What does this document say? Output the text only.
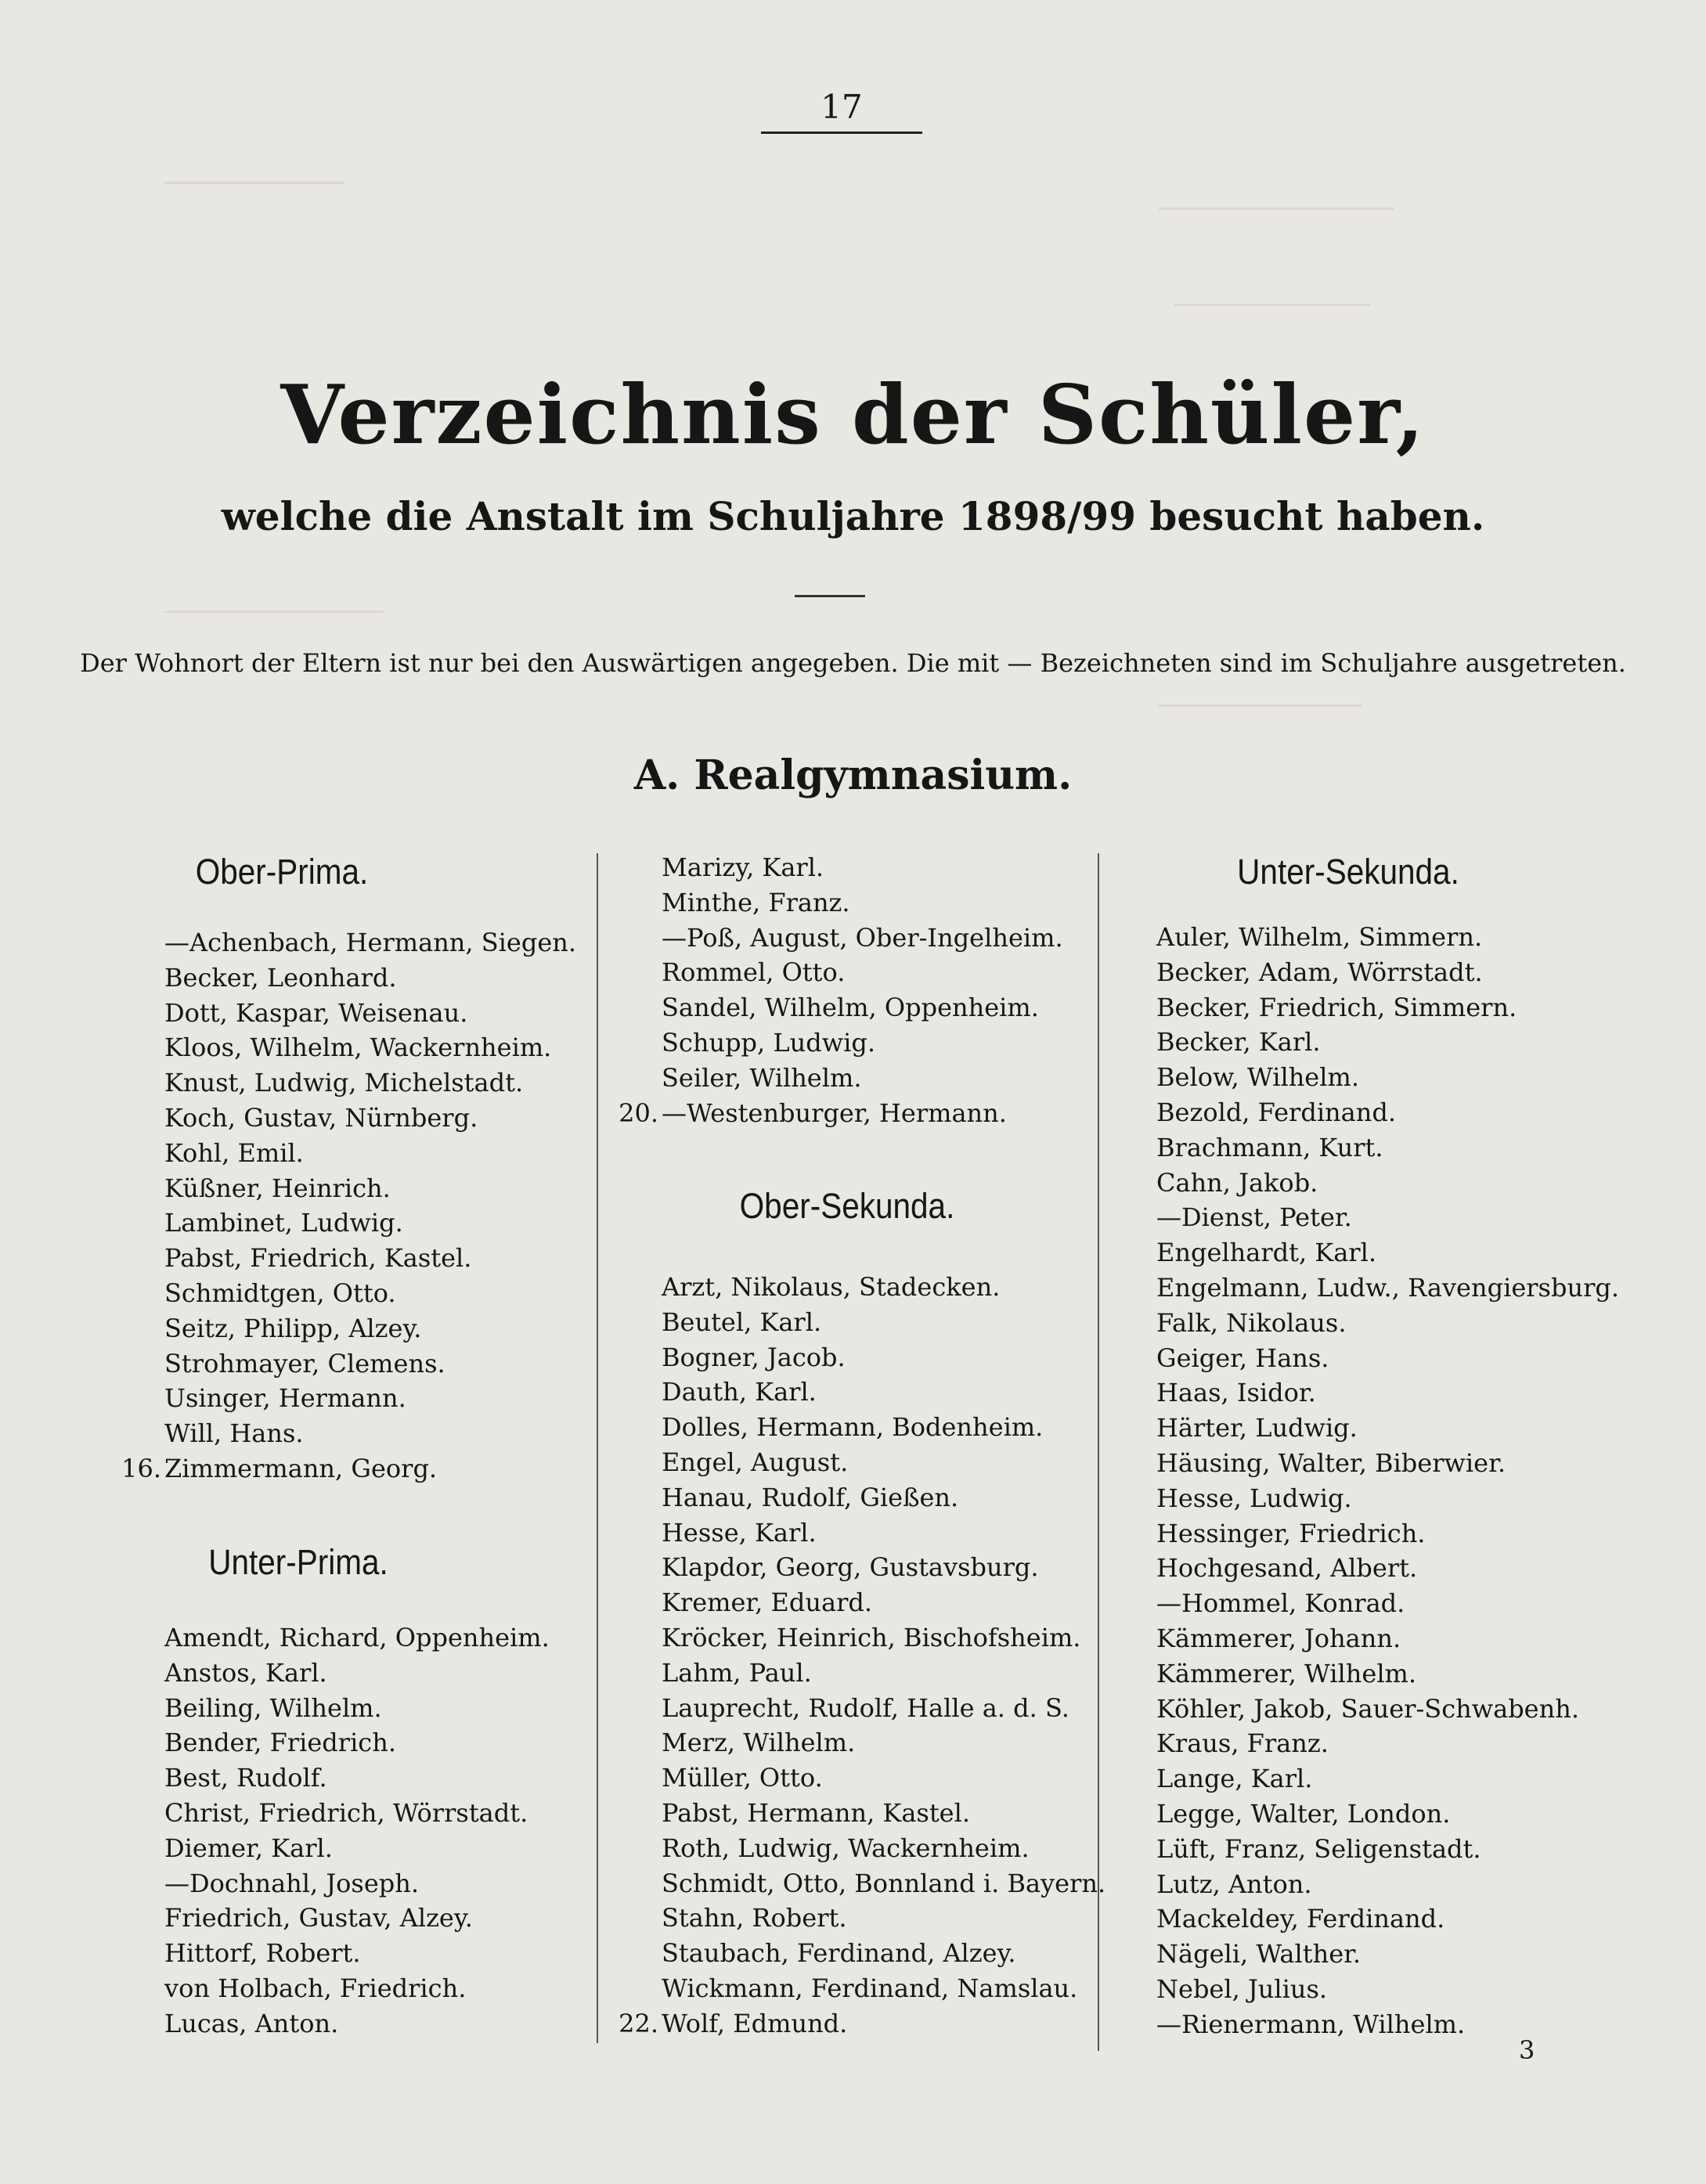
17
Verzeichnis der Schüler,
welche die Anstalt im Schuljahre 1898/99 besucht haben.
Der Wohnort der Eltern ist nur bei den Auswärtigen angegeben. Die mit — Bezeichneten sind im Schuljahre ausgetreten.
A. Realgymnasium.
Ober-Prima.
—Achenbach, Hermann, Siegen.
Becker, Leonhard.
Dott, Kaspar, Weisenau.
Kloos, Wilhelm, Wackernheim.
Knust, Ludwig, Michelstadt.
Koch, Gustav, Nürnberg.
Kohl, Emil.
Küßner, Heinrich.
Lambinet, Ludwig.
Pabst, Friedrich, Kastel.
Schmidtgen, Otto.
Seitz, Philipp, Alzey.
Strohmayer, Clemens.
Usinger, Hermann.
Will, Hans.
16. Zimmermann, Georg.
Unter-Prima.
Amendt, Richard, Oppenheim.
Anstos, Karl.
Beiling, Wilhelm.
Bender, Friedrich.
Best, Rudolf.
Christ, Friedrich, Wörrstadt.
Diemer, Karl.
—Dochnahl, Joseph.
Friedrich, Gustav, Alzey.
Hittorf, Robert.
von Holbach, Friedrich.
Lucas, Anton.
Marizy, Karl.
Minthe, Franz.
—Poß, August, Ober-Ingelheim.
Rommel, Otto.
Sandel, Wilhelm, Oppenheim.
Schupp, Ludwig.
Seiler, Wilhelm.
20. —Westenburger, Hermann.
Ober-Sekunda.
Arzt, Nikolaus, Stadecken.
Beutel, Karl.
Bogner, Jacob.
Dauth, Karl.
Dolles, Hermann, Bodenheim.
Engel, August.
Hanau, Rudolf, Gießen.
Hesse, Karl.
Klapdor, Georg, Gustavsburg.
Kremer, Eduard.
Kröcker, Heinrich, Bischofsheim.
Lahm, Paul.
Lauprecht, Rudolf, Halle a. d. S.
Merz, Wilhelm.
Müller, Otto.
Pabst, Hermann, Kastel.
Roth, Ludwig, Wackernheim.
Schmidt, Otto, Bonnland i. Bayern.
Stahn, Robert.
Staubach, Ferdinand, Alzey.
Wickmann, Ferdinand, Namslau.
22. Wolf, Edmund.
Unter-Sekunda.
Auler, Wilhelm, Simmern.
Becker, Adam, Wörrstadt.
Becker, Friedrich, Simmern.
Becker, Karl.
Below, Wilhelm.
Bezold, Ferdinand.
Brachmann, Kurt.
Cahn, Jakob.
—Dienst, Peter.
Engelhardt, Karl.
Engelmann, Ludw., Ravengiersburg.
Falk, Nikolaus.
Geiger, Hans.
Haas, Isidor.
Härter, Ludwig.
Häusing, Walter, Biberwier.
Hesse, Ludwig.
Hessinger, Friedrich.
Hochgesand, Albert.
—Hommel, Konrad.
Kämmerer, Johann.
Kämmerer, Wilhelm.
Köhler, Jakob, Sauer-Schwabenh.
Kraus, Franz.
Lange, Karl.
Legge, Walter, London.
Lüft, Franz, Seligenstadt.
Lutz, Anton.
Mackeldey, Ferdinand.
Nägeli, Walther.
Nebel, Julius.
—Rienermann, Wilhelm.
3
